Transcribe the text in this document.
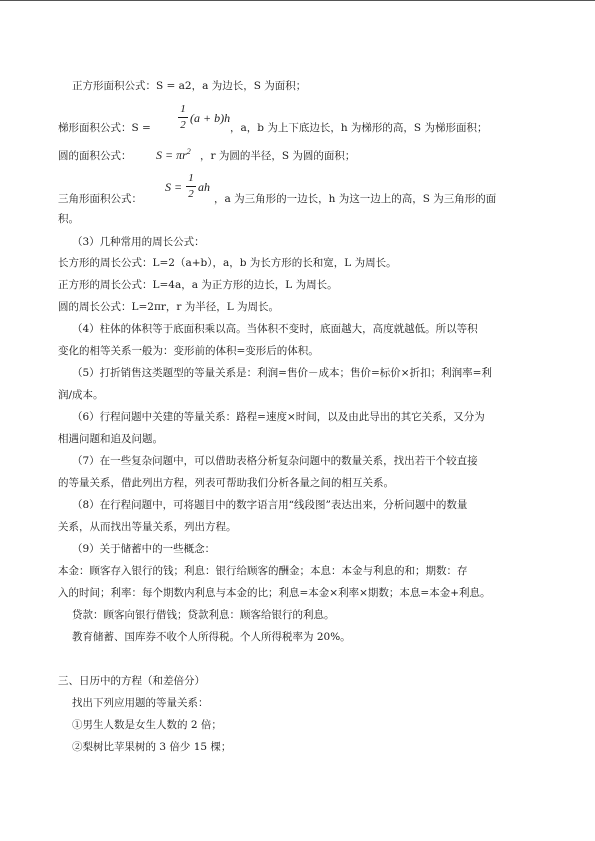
正方形面积公式：S = a2，a 为边长，S 为面积；
梯形面积公式：S =
1
2 (a + b)h
，a，b 为上下底边长，h 为梯形的高，S 为梯形面积；
圆的面积公式： $S = \pi r^2$ ，r 为圆的半径，S 为圆的面积；
三角形面积公式：
S =
1
2 ah
，a 为三角形的一边长，h 为这一边上的高，S 为三角形的面
积。
（3）几种常用的周长公式：
长方形的周长公式：L=2（a+b），a，b 为长方形的长和宽，L 为周长。
正方形的周长公式：L=4a，a 为正方形的边长，L 为周长。
圆的周长公式：L=2πr，r 为半径，L 为周长。
（4）柱体的体积等于底面积乘以高。当体积不变时，底面越大，高度就越低。所以等积
变化的相等关系一般为：变形前的体积=变形后的体积。
（5）打折销售这类题型的等量关系是：利润=售价－成本；售价=标价×折扣；利润率=利
润/成本。
（6）行程问题中关建的等量关系：路程=速度×时间，以及由此导出的其它关系，又分为
相遇问题和追及问题。
（7）在一些复杂问题中，可以借助表格分析复杂问题中的数量关系，找出若干个较直接
的等量关系，借此列出方程，列表可帮助我们分析各量之间的相互关系。
（8）在行程问题中，可将题目中的数字语言用“线段图”表达出来，分析问题中的数量
关系，从而找出等量关系，列出方程。
（9）关于储蓄中的一些概念：
本金：顾客存入银行的钱；利息：银行给顾客的酬金；本息：本金与利息的和；期数：存
入的时间；利率：每个期数内利息与本金的比；利息=本金×利率×期数；本息=本金+利息。
贷款：顾客向银行借钱；贷款利息：顾客给银行的利息。
教育储蓄、国库券不收个人所得税。个人所得税率为 20%。
三、日历中的方程（和差倍分）
找出下列应用题的等量关系：
①男生人数是女生人数的 2 倍；
②梨树比苹果树的 3 倍少 15 棵；
